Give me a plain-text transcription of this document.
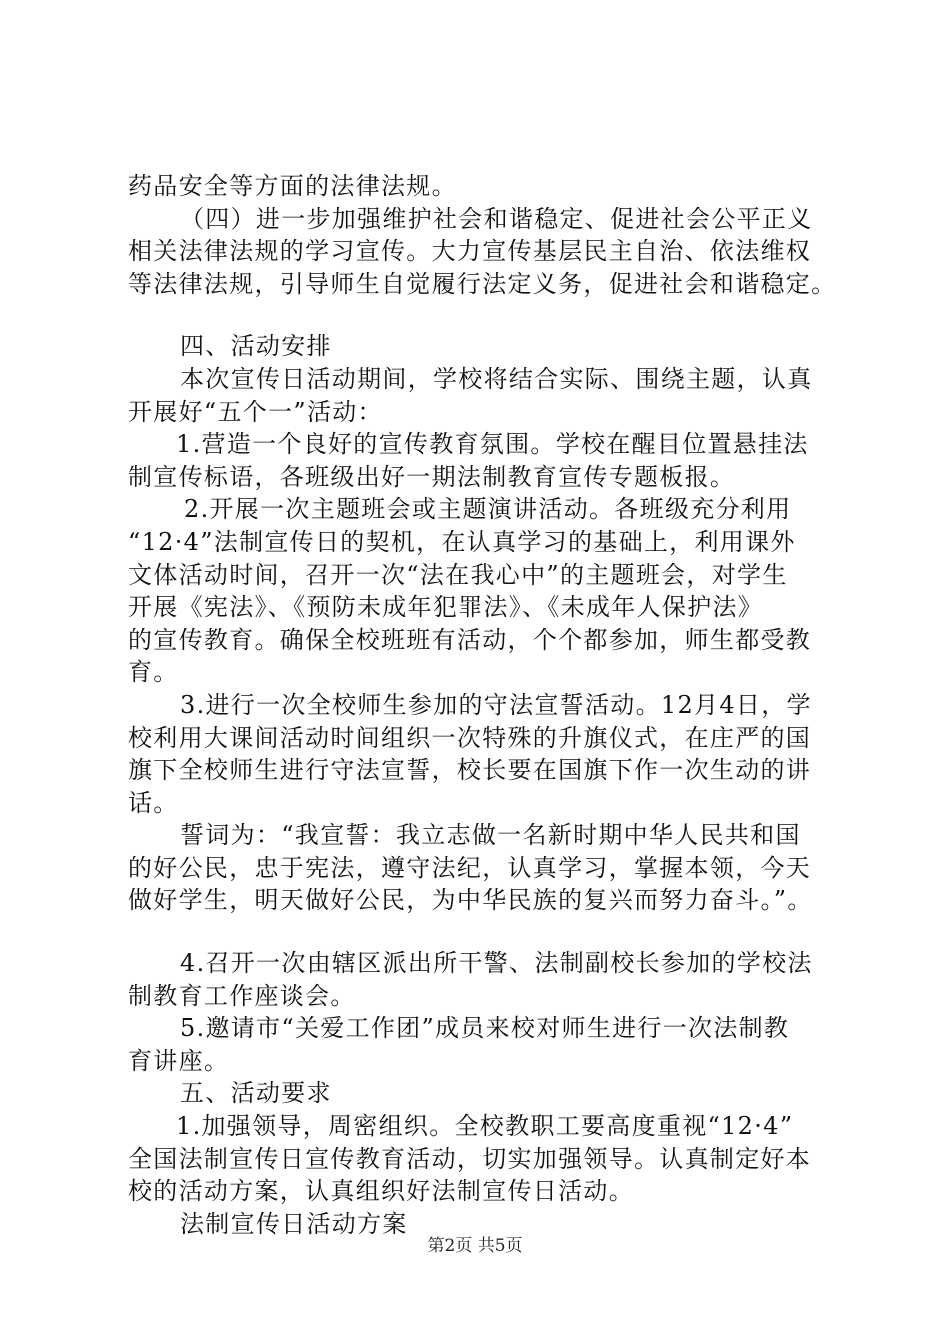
药品安全等方面的法律法规。
（四）进一步加强维护社会和谐稳定、促进社会公平正义
相关法律法规的学习宣传。大力宣传基层民主自治、依法维权
等法律法规，引导师生自觉履行法定义务，促进社会和谐稳定。
四、活动安排
本次宣传日活动期间，学校将结合实际、围绕主题，认真
开展好“五个一”活动：
1.营造一个良好的宣传教育氛围。学校在醒目位置悬挂法
制宣传标语，各班级出好一期法制教育宣传专题板报。
2.开展一次主题班会或主题演讲活动。各班级充分利用
“12·4”法制宣传日的契机，在认真学习的基础上，利用课外
文体活动时间，召开一次“法在我心中”的主题班会，对学生
开展《宪法》、《预防未成年犯罪法》、《未成年人保护法》
的宣传教育。确保全校班班有活动，个个都参加，师生都受教
育。
3.进行一次全校师生参加的守法宣誓活动。12月4日，学
校利用大课间活动时间组织一次特殊的升旗仪式，在庄严的国
旗下全校师生进行守法宣誓，校长要在国旗下作一次生动的讲
话。
誓词为：“我宣誓：我立志做一名新时期中华人民共和国
的好公民，忠于宪法，遵守法纪，认真学习，掌握本领，今天
做好学生，明天做好公民，为中华民族的复兴而努力奋斗。”。
4.召开一次由辖区派出所干警、法制副校长参加的学校法
制教育工作座谈会。
5.邀请市“关爱工作团”成员来校对师生进行一次法制教
育讲座。
五、活动要求
1.加强领导，周密组织。全校教职工要高度重视“12·4”
全国法制宣传日宣传教育活动，切实加强领导。认真制定好本
校的活动方案，认真组织好法制宣传日活动。
法制宣传日活动方案
第2页 共5页
